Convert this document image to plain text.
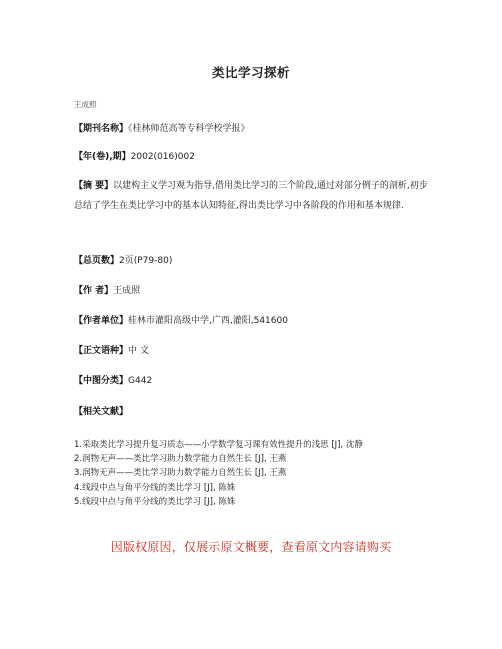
类比学习探析
王成照
【期刊名称】《桂林师范高等专科学校学报》
【年(卷),期】2002(016)002
【摘 要】以建构主义学习观为指导,借用类比学习的三个阶段,通过对部分例子的剖析,初步总结了学生在类比学习中的基本认知特征,得出类比学习中各阶段的作用和基本规律.
【总页数】2页(P79-80)
【作 者】王成照
【作者单位】桂林市灌阳高级中学,广西,灌阳,541600
【正文语种】中 文
【中图分类】G442
【相关文献】
1.采取类比学习提升复习质态——小学数学复习课有效性提升的浅思 [J], 沈静
2.润物无声——类比学习助力数学能力自然生长 [J], 王燕
3.润物无声——类比学习助力数学能力自然生长 [J], 王燕
4.线段中点与角平分线的类比学习 [J], 陈姝
5.线段中点与角平分线的类比学习 [J], 陈姝
因版权原因，仅展示原文概要，查看原文内容请购买
